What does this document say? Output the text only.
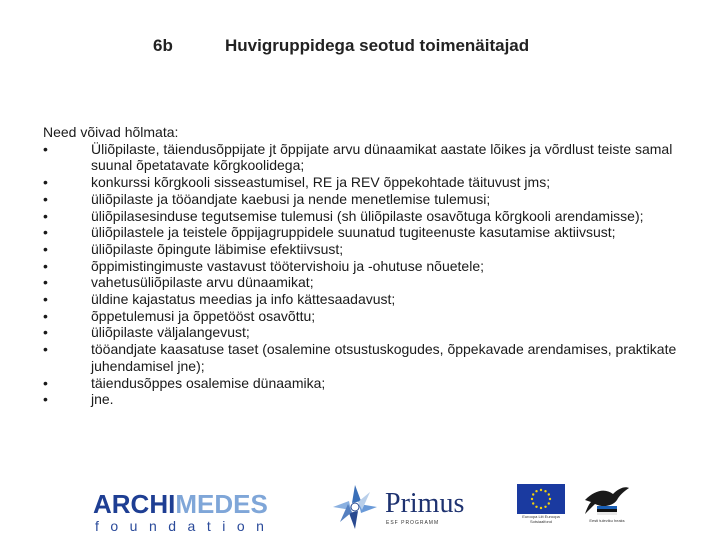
6b	Huvigruppidega seotud toimenäitajad

Need võivad hõlmata:

•	Üliõpilaste, täiendusõppijate jt õppijate arvu dünaamikat aastate lõikes ja võrdlust teiste samal suunal õpetatavate kõrgkoolidega;
•	konkurssi kõrgkooli sisseastumisel, RE ja REV õppekohtade täituvust jms;
•	üliõpilaste ja tööandjate kaebusi ja nende menetlemise tulemusi;
•	üliõpilasesinduse tegutsemise tulemusi (sh üliõpilaste osavõtuga kõrgkooli arendamisse);
•	üliõpilastele ja teistele õppijagruppidele suunatud tugiteenuste kasutamise aktiivsust;
•	üliõpilaste õpingute läbimise efektiivsust;
•	õppimistingimuste vastavust töötervishoiu ja -ohutuse nõuetele;
•	vahetusüliõpilaste arvu dünaamikat;
•	üldine kajastatus meedias ja info kättesaadavust;
•	õppetulemusi ja õppetööst osavõttu;
•	üliõpilaste väljalangevust;
•	tööandjate kaasatuse taset (osalemine otsustuskogudes, õppekavade arendamises, praktikate juhendamisel jne);
•	täiendusõppes osalemise dünaamika;
•	jne.
ARCHIMEDES
foundation
Primus
ESF PROGRAMM
Euroopa Liit Euroopa Sotsiaalfond	Eesti tuleviku heaks
